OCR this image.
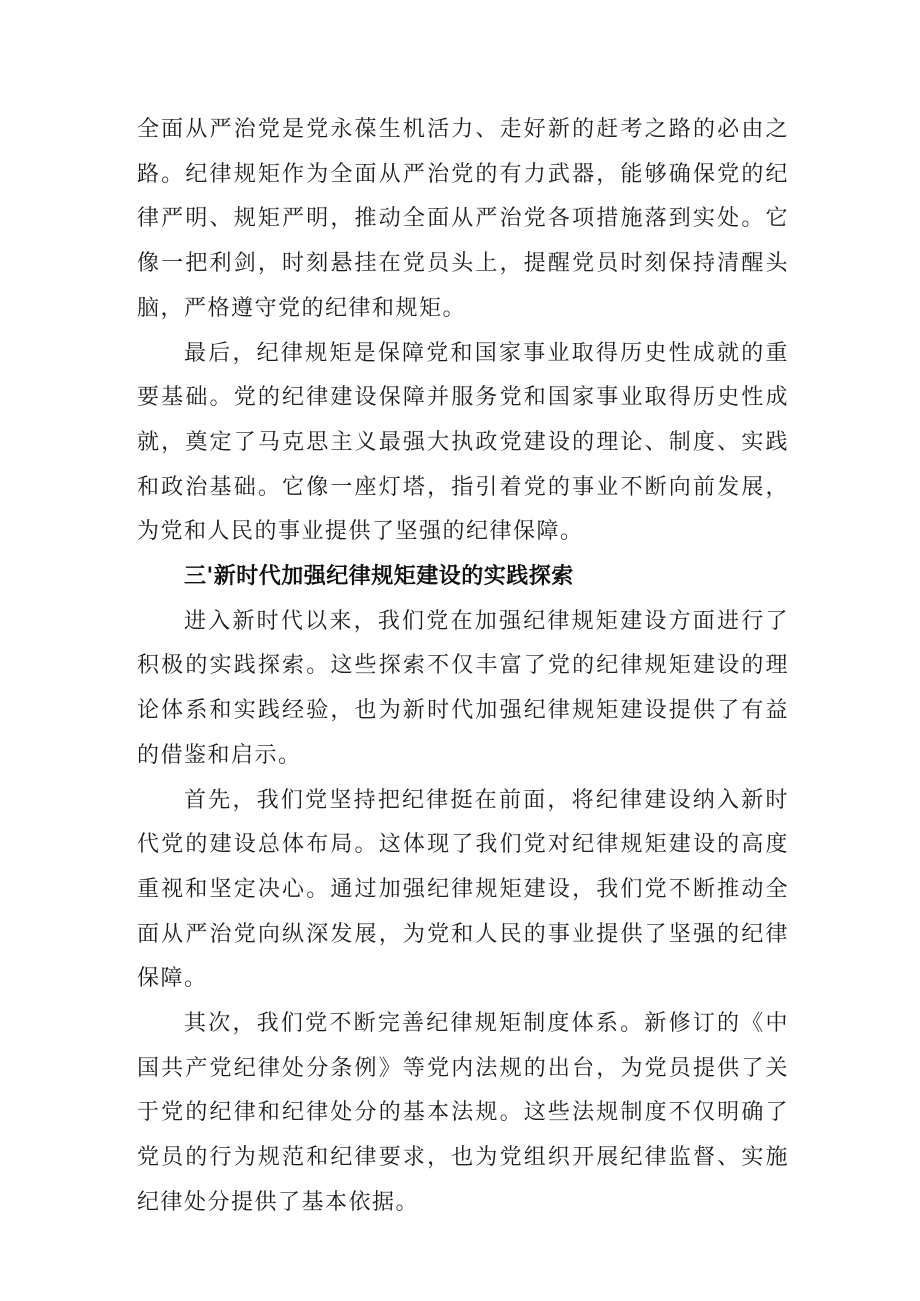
全面从严治党是党永葆生机活力、走好新的赶考之路的必由之路。纪律规矩作为全面从严治党的有力武器，能够确保党的纪律严明、规矩严明，推动全面从严治党各项措施落到实处。它像一把利剑，时刻悬挂在党员头上，提醒党员时刻保持清醒头脑，严格遵守党的纪律和规矩。

最后，纪律规矩是保障党和国家事业取得历史性成就的重要基础。党的纪律建设保障并服务党和国家事业取得历史性成就，奠定了马克思主义最强大执政党建设的理论、制度、实践和政治基础。它像一座灯塔，指引着党的事业不断向前发展，为党和人民的事业提供了坚强的纪律保障。

三'新时代加强纪律规矩建设的实践探索

进入新时代以来，我们党在加强纪律规矩建设方面进行了积极的实践探索。这些探索不仅丰富了党的纪律规矩建设的理论体系和实践经验，也为新时代加强纪律规矩建设提供了有益的借鉴和启示。

首先，我们党坚持把纪律挺在前面，将纪律建设纳入新时代党的建设总体布局。这体现了我们党对纪律规矩建设的高度重视和坚定决心。通过加强纪律规矩建设，我们党不断推动全面从严治党向纵深发展，为党和人民的事业提供了坚强的纪律保障。

其次，我们党不断完善纪律规矩制度体系。新修订的《中国共产党纪律处分条例》等党内法规的出台，为党员提供了关于党的纪律和纪律处分的基本法规。这些法规制度不仅明确了党员的行为规范和纪律要求，也为党组织开展纪律监督、实施纪律处分提供了基本依据。
